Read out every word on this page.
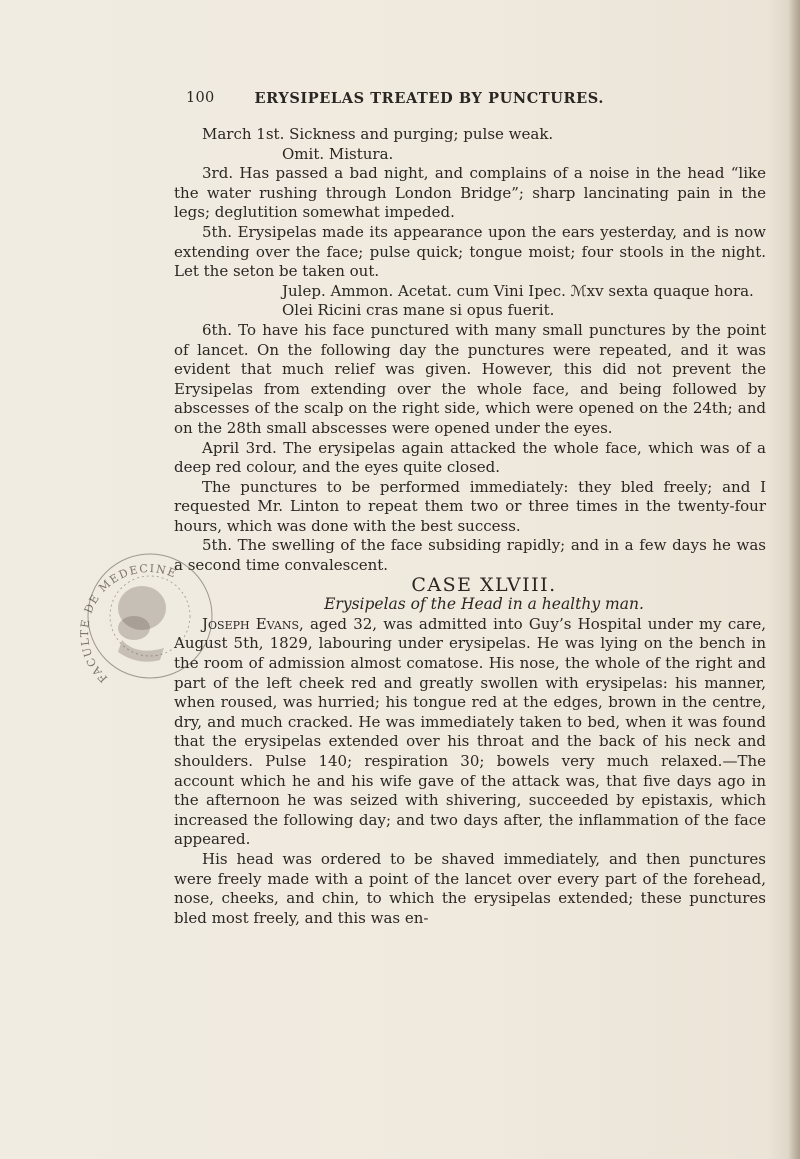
100	ERYSIPELAS TREATED BY PUNCTURES.

March 1st. Sickness and purging; pulse weak.

Omit. Mistura.

3rd. Has passed a bad night, and complains of a noise in the head “like the water rushing through London Bridge”; sharp lancinating pain in the legs; deglutition somewhat impeded.

5th. Erysipelas made its appearance upon the ears yesterday, and is now extending over the face; pulse quick; tongue moist; four stools in the night. Let the seton be taken out.

Julep. Ammon. Acetat. cum Vini Ipec. ℳxv sexta quaque hora.

Olei Ricini cras mane si opus fuerit.

6th. To have his face punctured with many small punctures by the point of lancet. On the following day the punctures were repeated, and it was evident that much relief was given. However, this did not prevent the Erysipelas from extending over the whole face, and being followed by abscesses of the scalp on the right side, which were opened on the 24th; and on the 28th small abscesses were opened under the eyes.

April 3rd. The erysipelas again attacked the whole face, which was of a deep red colour, and the eyes quite closed.

The punctures to be performed immediately: they bled freely; and I requested Mr. Linton to repeat them two or three times in the twenty-four hours, which was done with the best success.

5th. The swelling of the face subsiding rapidly; and in a few days he was a second time convalescent.

CASE XLVIII.

Erysipelas of the Head in a healthy man.

Joseph Evans, aged 32, was admitted into Guy’s Hospital under my care, August 5th, 1829, labouring under erysipelas. He was lying on the bench in the room of admission almost comatose. His nose, the whole of the right and part of the left cheek red and greatly swollen with erysipelas: his manner, when roused, was hurried; his tongue red at the edges, brown in the centre, dry, and much cracked. He was immediately taken to bed, when it was found that the erysipelas extended over his throat and the back of his neck and shoulders. Pulse 140; respiration 30; bowels very much relaxed.—The account which he and his wife gave of the attack was, that five days ago in the afternoon he was seized with shivering, succeeded by epistaxis, which increased the following day; and two days after, the inflammation of the face appeared.

His head was ordered to be shaved immediately, and then punctures were freely made with a point of the lancet over every part of the forehead, nose, cheeks, and chin, to which the erysipelas extended; these punctures bled most freely, and this was en-

FACULTE DE MEDECINE
